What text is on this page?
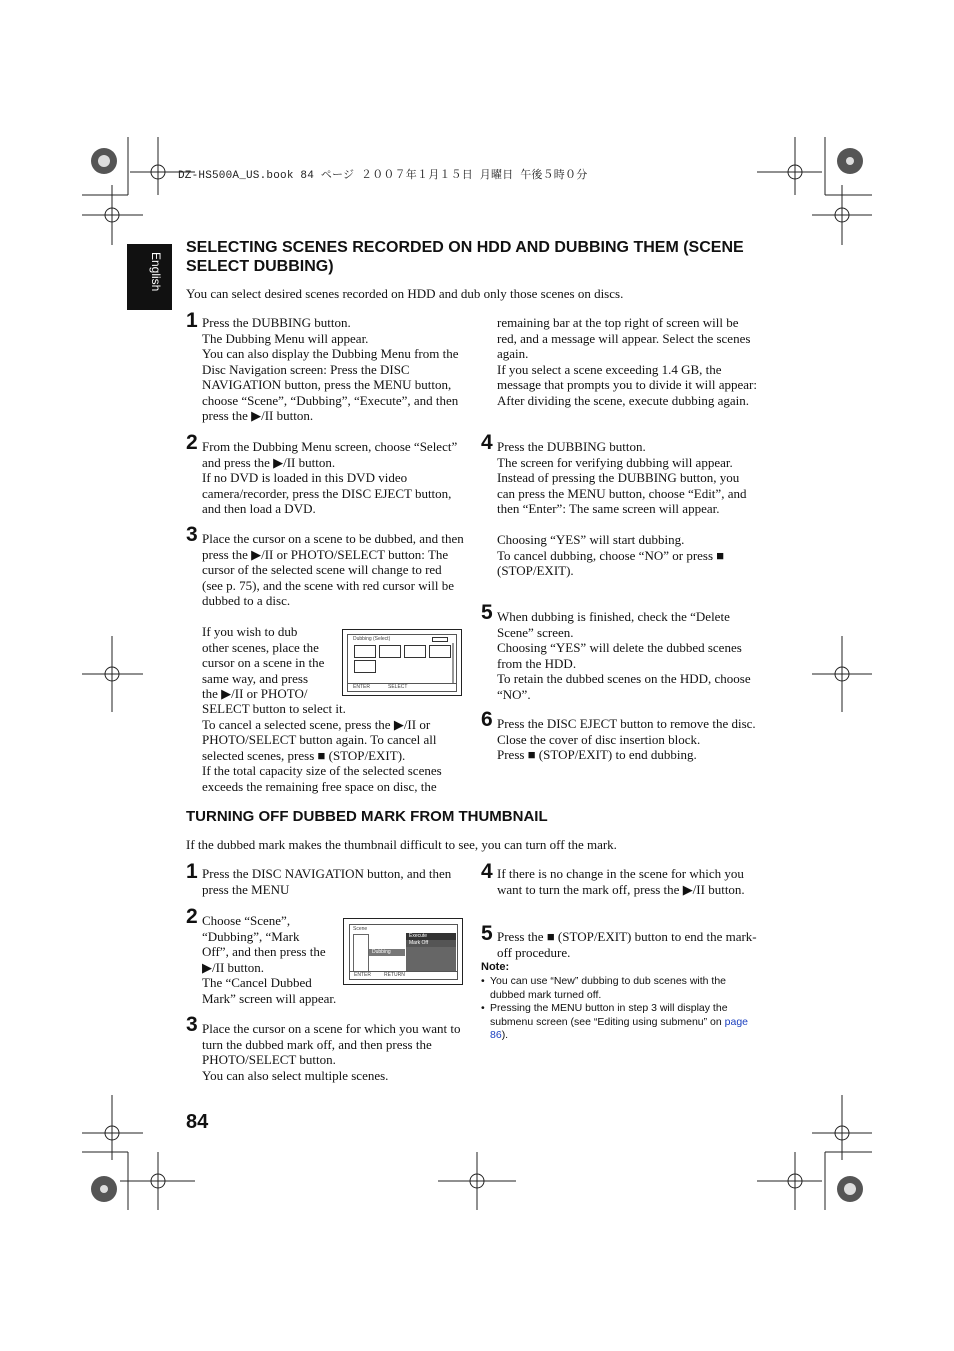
DZ-HS500A_US.book 84 ページ ２００７年１月１５日 月曜日 午後５時０分
English
SELECTING SCENES RECORDED ON HDD AND DUBBING THEM (SCENE SELECT DUBBING)
You can select desired scenes recorded on HDD and dub only those scenes on discs.
1 Press the DUBBING button.
The Dubbing Menu will appear.
You can also display the Dubbing Menu from the Disc Navigation screen: Press the DISC NAVIGATION button, press the MENU button, choose “Scene”, “Dubbing”, “Execute”, and then press the ▶/II button.
2 From the Dubbing Menu screen, choose “Select” and press the ▶/II button.
If no DVD is loaded in this DVD video camera/recorder, press the DISC EJECT button, and then load a DVD.
3 Place the cursor on a scene to be dubbed, and then press the ▶/II or PHOTO/SELECT button: The cursor of the selected scene will change to red (see p. 75), and the scene with red cursor will be dubbed to a disc.
If you wish to dub
other scenes, place the
cursor on a scene in the
same way, and press
the ▶/II or PHOTO/
SELECT button to select it.
To cancel a selected scene, press the ▶/II or PHOTO/SELECT button again. To cancel all selected scenes, press ■ (STOP/EXIT).
If the total capacity size of the selected scenes exceeds the remaining free space on disc, the
Dubbing (Select)
ENTER	SELECT
remaining bar at the top right of screen will be red, and a message will appear. Select the scenes again.
If you select a scene exceeding 1.4 GB, the message that prompts you to divide it will appear: After dividing the scene, execute dubbing again.
4 Press the DUBBING button.
The screen for verifying dubbing will appear.
Instead of pressing the DUBBING button, you can press the MENU button, choose “Edit”, and then “Enter”: The same screen will appear.

Choosing “YES” will start dubbing.
To cancel dubbing, choose “NO” or press ■ (STOP/EXIT).
5 When dubbing is finished, check the “Delete Scene” screen.
Choosing “YES” will delete the dubbed scenes from the HDD.
To retain the dubbed scenes on the HDD, choose “NO”.
6 Press the DISC EJECT button to remove the disc.
Close the cover of disc insertion block.
Press ■ (STOP/EXIT) to end dubbing.
TURNING OFF DUBBED MARK FROM THUMBNAIL
If the dubbed mark makes the thumbnail difficult to see, you can turn off the mark.
1 Press the DISC NAVIGATION button, and then press the MENU
2 Choose “Scene”,
“Dubbing”, “Mark
Off”, and then press the
▶/II button.
The “Cancel Dubbed
Mark” screen will appear.
3 Place the cursor on a scene for which you want to turn the dubbed mark off, and then press the PHOTO/SELECT button.
You can also select multiple scenes.
Scene
Execute
Mark Off
Dubbing
ENTER	RETURN
4 If there is no change in the scene for which you want to turn the mark off, press the ▶/II button.
5 Press the ■ (STOP/EXIT) button to end the mark-off procedure.
Note:
• You can use “New” dubbing to dub scenes with the dubbed mark turned off.
• Pressing the MENU button in step 3 will display the submenu screen (see “Editing using submenu” on page 86).
84
